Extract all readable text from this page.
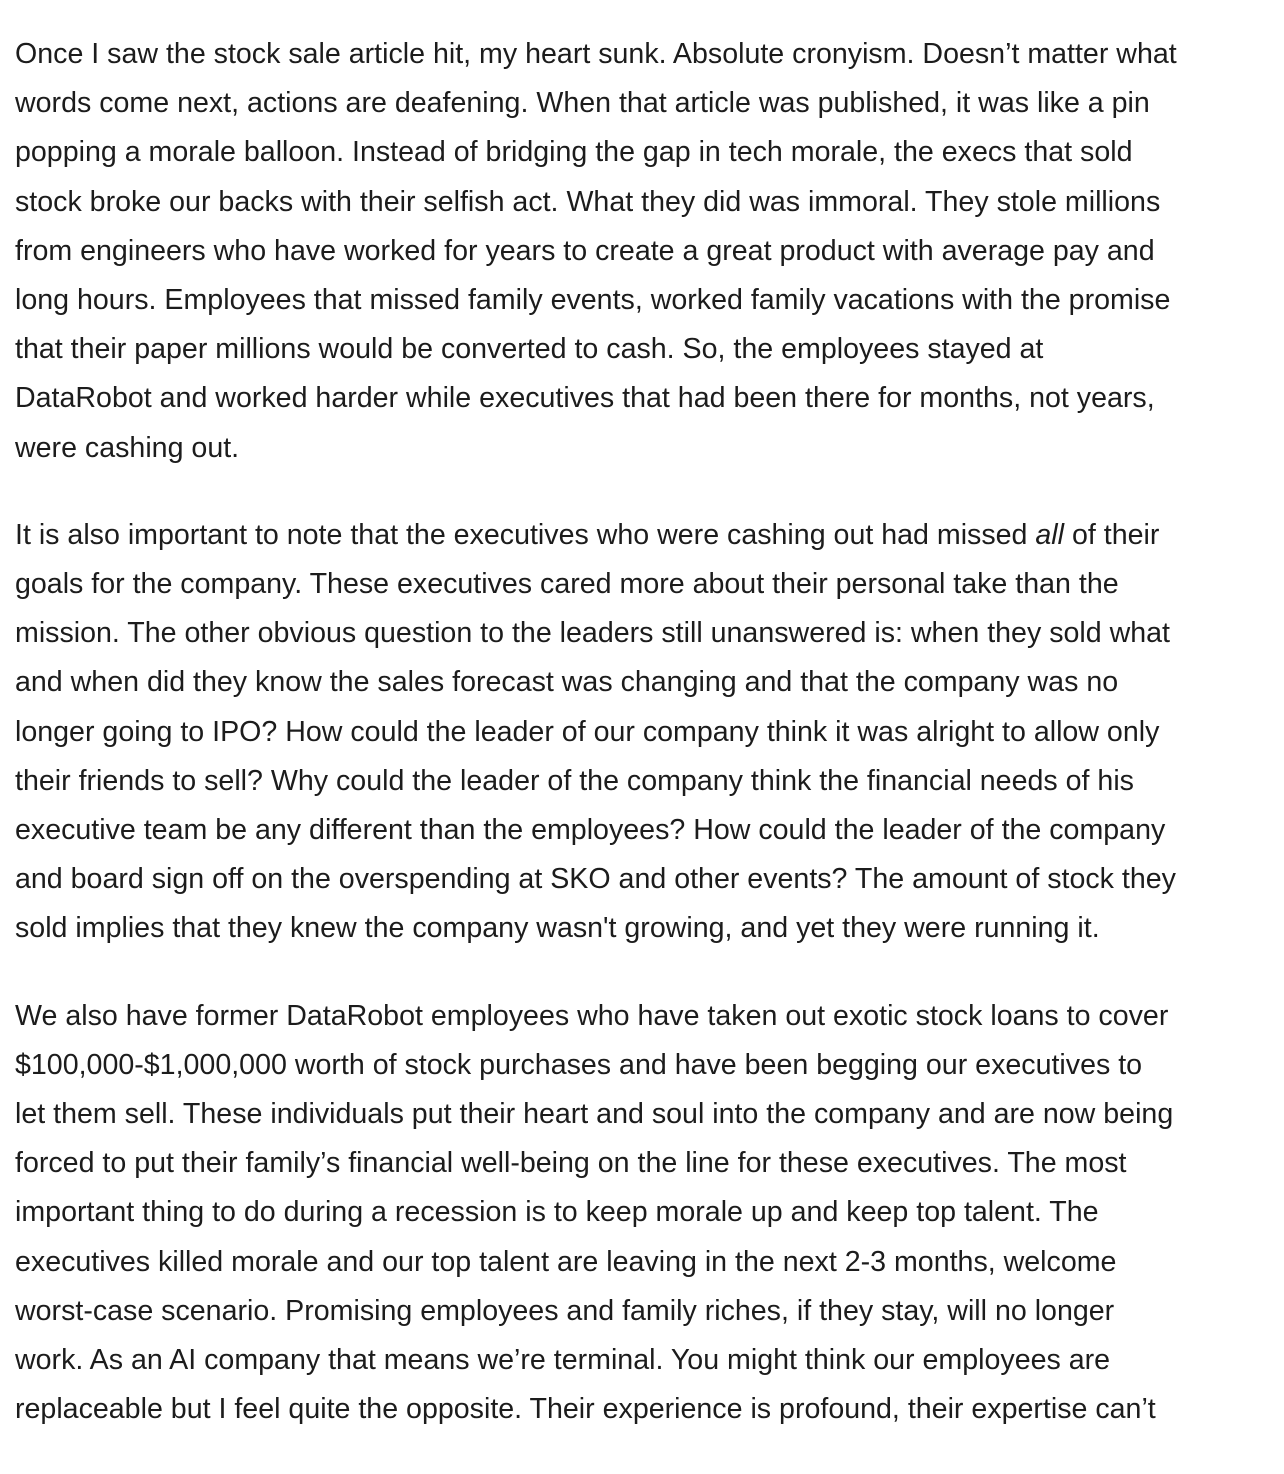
Once I saw the stock sale article hit, my heart sunk. Absolute cronyism. Doesn’t matter what
words come next, actions are deafening. When that article was published, it was like a pin
popping a morale balloon. Instead of bridging the gap in tech morale, the execs that sold
stock broke our backs with their selfish act. What they did was immoral. They stole millions
from engineers who have worked for years to create a great product with average pay and
long hours. Employees that missed family events, worked family vacations with the promise
that their paper millions would be converted to cash. So, the employees stayed at
DataRobot and worked harder while executives that had been there for months, not years,
were cashing out.

It is also important to note that the executives who were cashing out had missed all of their
goals for the company. These executives cared more about their personal take than the
mission. The other obvious question to the leaders still unanswered is: when they sold what
and when did they know the sales forecast was changing and that the company was no
longer going to IPO? How could the leader of our company think it was alright to allow only
their friends to sell? Why could the leader of the company think the financial needs of his
executive team be any different than the employees? How could the leader of the company
and board sign off on the overspending at SKO and other events? The amount of stock they
sold implies that they knew the company wasn't growing, and yet they were running it.

We also have former DataRobot employees who have taken out exotic stock loans to cover
$100,000-$1,000,000 worth of stock purchases and have been begging our executives to
let them sell. These individuals put their heart and soul into the company and are now being
forced to put their family’s financial well-being on the line for these executives. The most
important thing to do during a recession is to keep morale up and keep top talent. The
executives killed morale and our top talent are leaving in the next 2-3 months, welcome
worst-case scenario. Promising employees and family riches, if they stay, will no longer
work. As an AI company that means we’re terminal. You might think our employees are
replaceable but I feel quite the opposite. Their experience is profound, their expertise can’t
